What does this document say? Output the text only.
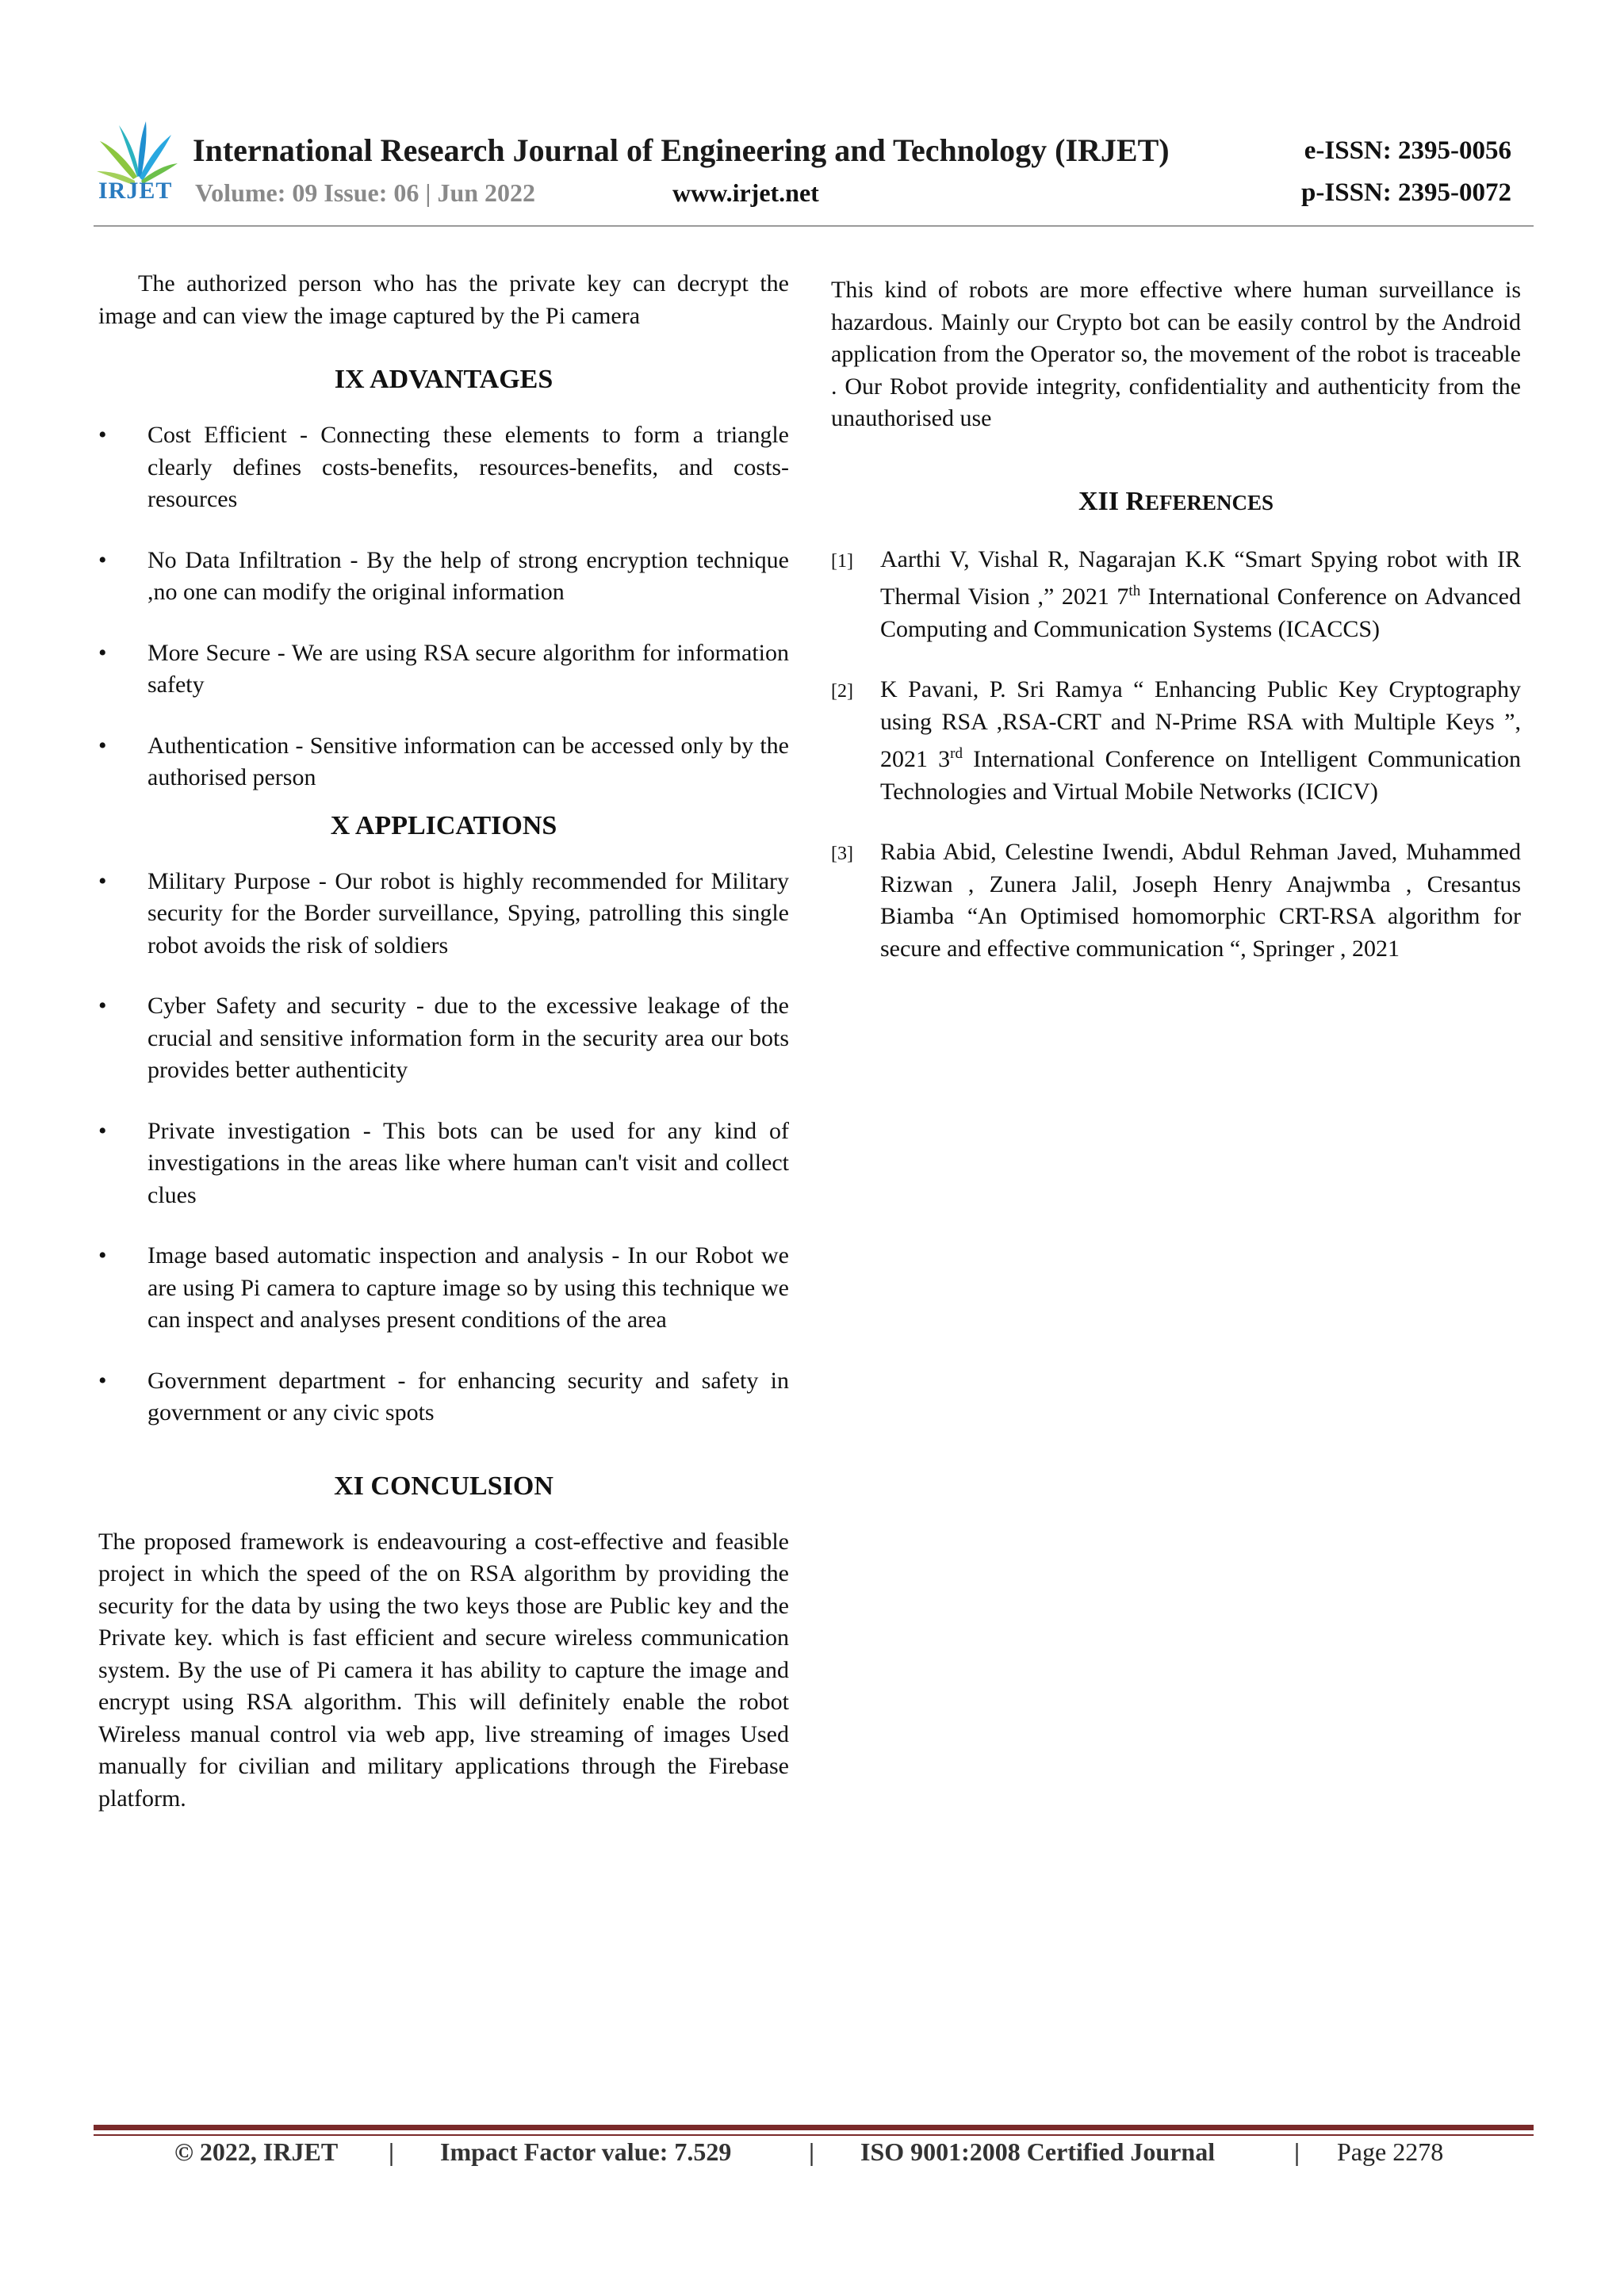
IRJET
International Research Journal of Engineering and Technology (IRJET)	e-ISSN: 2395-0056
Volume: 09 Issue: 06 | Jun 2022	www.irjet.net	p-ISSN: 2395-0072

The authorized person who has the private key can decrypt the image and can view the image captured by the Pi camera

IX ADVANTAGES
• Cost Efficient - Connecting these elements to form a triangle clearly defines costs-benefits, resources-benefits, and costs-resources
• No Data Infiltration - By the help of strong encryption technique ,no one can modify the original information
• More Secure - We are using RSA secure algorithm for information safety
• Authentication - Sensitive information can be accessed only by the authorised person
X APPLICATIONS
• Military Purpose - Our robot is highly recommended for Military security for the Border surveillance, Spying, patrolling this single robot avoids the risk of soldiers
• Cyber Safety and security - due to the excessive leakage of the crucial and sensitive information form in the security area our bots provides better authenticity
• Private investigation - This bots can be used for any kind of investigations in the areas like where human can't visit and collect clues
• Image based automatic inspection and analysis - In our Robot we are using Pi camera to capture image so by using this technique we can inspect and analyses present conditions of the area
• Government department - for enhancing security and safety in government or any civic spots
XI CONCULSION

The proposed framework is endeavouring a cost-effective and feasible project in which the speed of the on RSA algorithm by providing the security for the data by using the two keys those are Public key and the Private key. which is fast efficient and secure wireless communication system. By the use of Pi camera it has ability to capture the image and encrypt using RSA algorithm. This will definitely enable the robot Wireless manual control via web app, live streaming of images Used manually for civilian and military applications through the Firebase platform.

This kind of robots are more effective where human surveillance is hazardous. Mainly our Crypto bot can be easily control by the Android application from the Operator so, the movement of the robot is traceable . Our Robot provide integrity, confidentiality and authenticity from the unauthorised use

XII REFERENCES
[1] Aarthi V, Vishal R, Nagarajan K.K “Smart Spying robot with IR Thermal Vision ,” 2021 7th International Conference on Advanced Computing and Communication Systems (ICACCS)
[2] K Pavani, P. Sri Ramya “ Enhancing Public Key Cryptography using RSA ,RSA-CRT and N-Prime RSA with Multiple Keys ”, 2021 3rd International Conference on Intelligent Communication Technologies and Virtual Mobile Networks (ICICV)
[3] Rabia Abid, Celestine Iwendi, Abdul Rehman Javed, Muhammed Rizwan , Zunera Jalil, Joseph Henry Anajwmba , Cresantus Biamba “An Optimised homomorphic CRT-RSA algorithm for secure and effective communication “, Springer , 2021
© 2022, IRJET | Impact Factor value: 7.529	| ISO 9001:2008 Certified Journal	| Page 2278
